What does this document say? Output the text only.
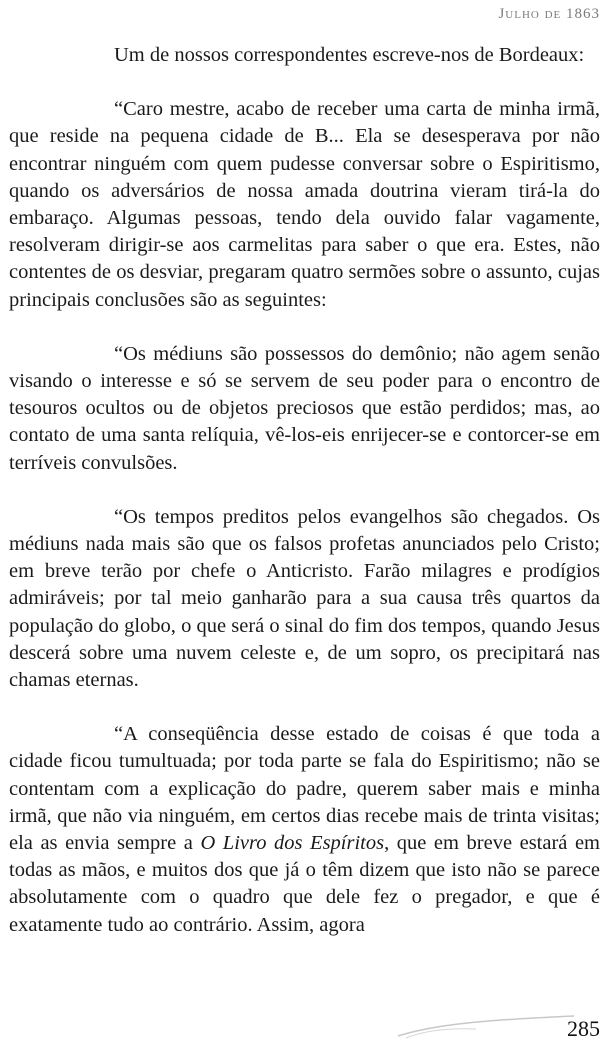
Julho de 1863

Um de nossos correspondentes escreve-nos de Bordeaux:

“Caro mestre, acabo de receber uma carta de minha irmã, que reside na pequena cidade de B... Ela se desesperava por não encontrar ninguém com quem pudesse conversar sobre o Espiritismo, quando os adversários de nossa amada doutrina vieram tirá-la do embaraço. Algumas pessoas, tendo dela ouvido falar vagamente, resolveram dirigir-se aos carmelitas para saber o que era. Estes, não contentes de os desviar, pregaram quatro sermões sobre o assunto, cujas principais conclusões são as seguintes:

“Os médiuns são possessos do demônio; não agem senão visando o interesse e só se servem de seu poder para o encontro de tesouros ocultos ou de objetos preciosos que estão perdidos; mas, ao contato de uma santa relíquia, vê-los-eis enrijecer-se e contorcer-se em terríveis convulsões.

“Os tempos preditos pelos evangelhos são chegados. Os médiuns nada mais são que os falsos profetas anunciados pelo Cristo; em breve terão por chefe o Anticristo. Farão milagres e prodígios admiráveis; por tal meio ganharão para a sua causa três quartos da população do globo, o que será o sinal do fim dos tempos, quando Jesus descerá sobre uma nuvem celeste e, de um sopro, os precipitará nas chamas eternas.

“A conseqüência desse estado de coisas é que toda a cidade ficou tumultuada; por toda parte se fala do Espiritismo; não se contentam com a explicação do padre, querem saber mais e minha irmã, que não via ninguém, em certos dias recebe mais de trinta visitas; ela as envia sempre a O Livro dos Espíritos, que em breve estará em todas as mãos, e muitos dos que já o têm dizem que isto não se parece absolutamente com o quadro que dele fez o pregador, e que é exatamente tudo ao contrário. Assim, agora

285
